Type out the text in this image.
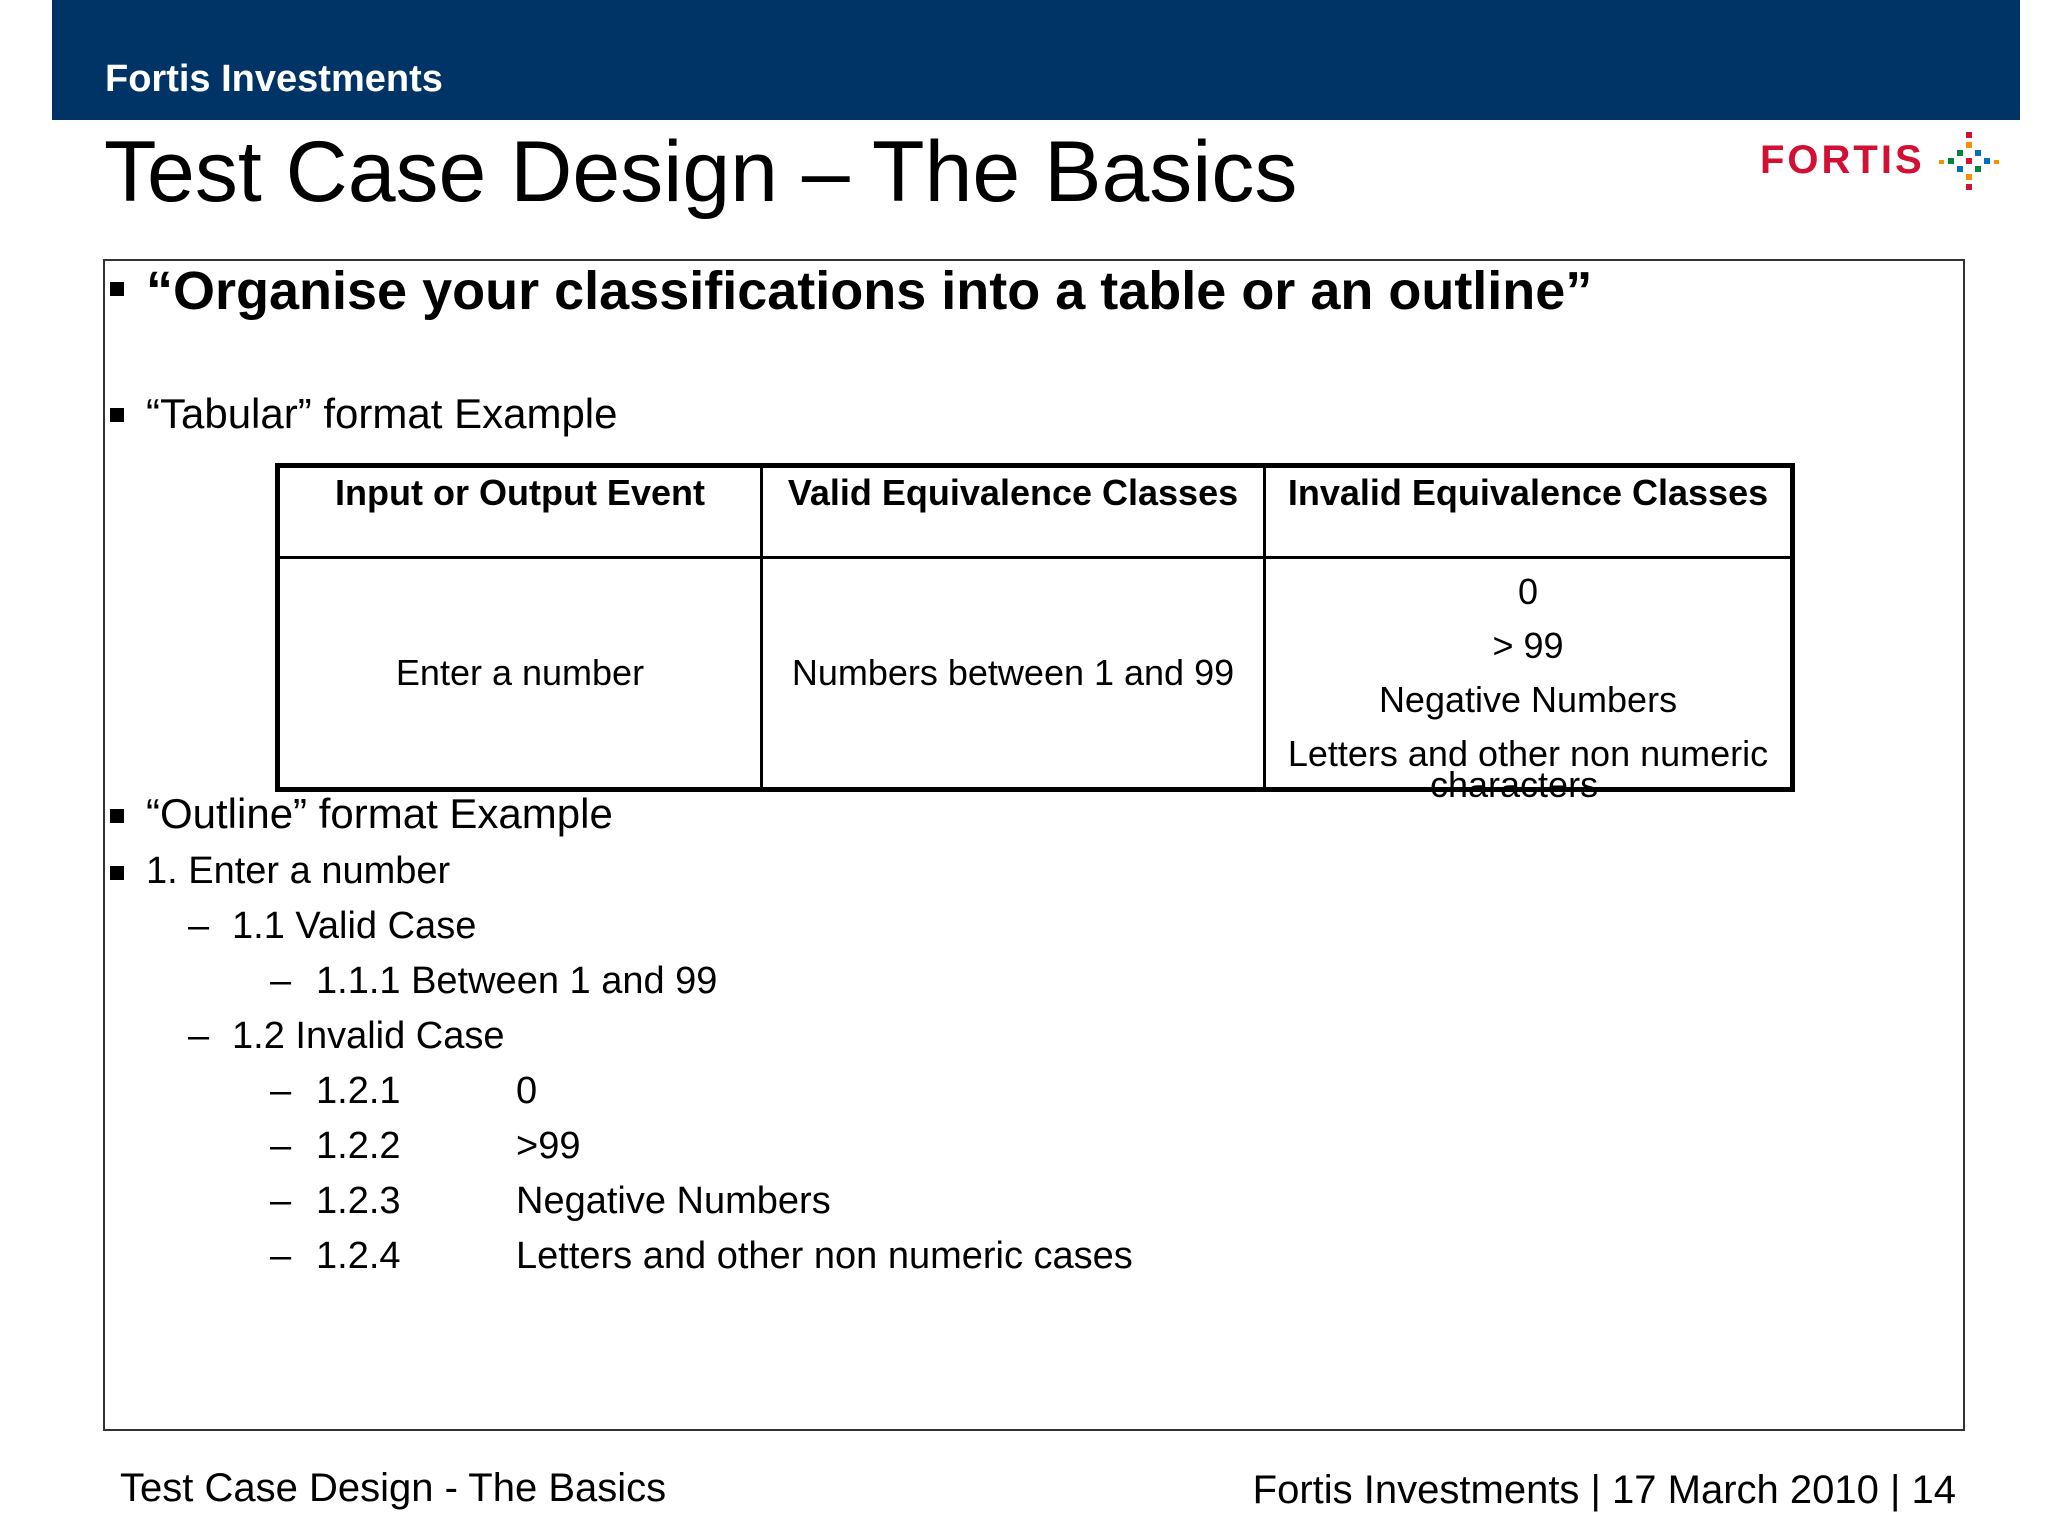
Fortis Investments
Test Case Design – The Basics	FORTIS
“Organise your classifications into a table or an outline”
“Tabular” format Example
Input or Output Event	Valid Equivalence Classes	Invalid Equivalence Classes
Enter a number	Numbers between 1 and 99	0
> 99
Negative Numbers
Letters and other non numeric
characters
“Outline” format Example
1. Enter a number
– 1.1 Valid Case
– 1.1.1 Between 1 and 99
– 1.2 Invalid Case
– 1.2.1	0
– 1.2.2	>99
– 1.2.3	Negative Numbers
– 1.2.4	Letters and other non numeric cases
Test Case Design - The Basics	Fortis Investments | 17 March 2010 | 14
